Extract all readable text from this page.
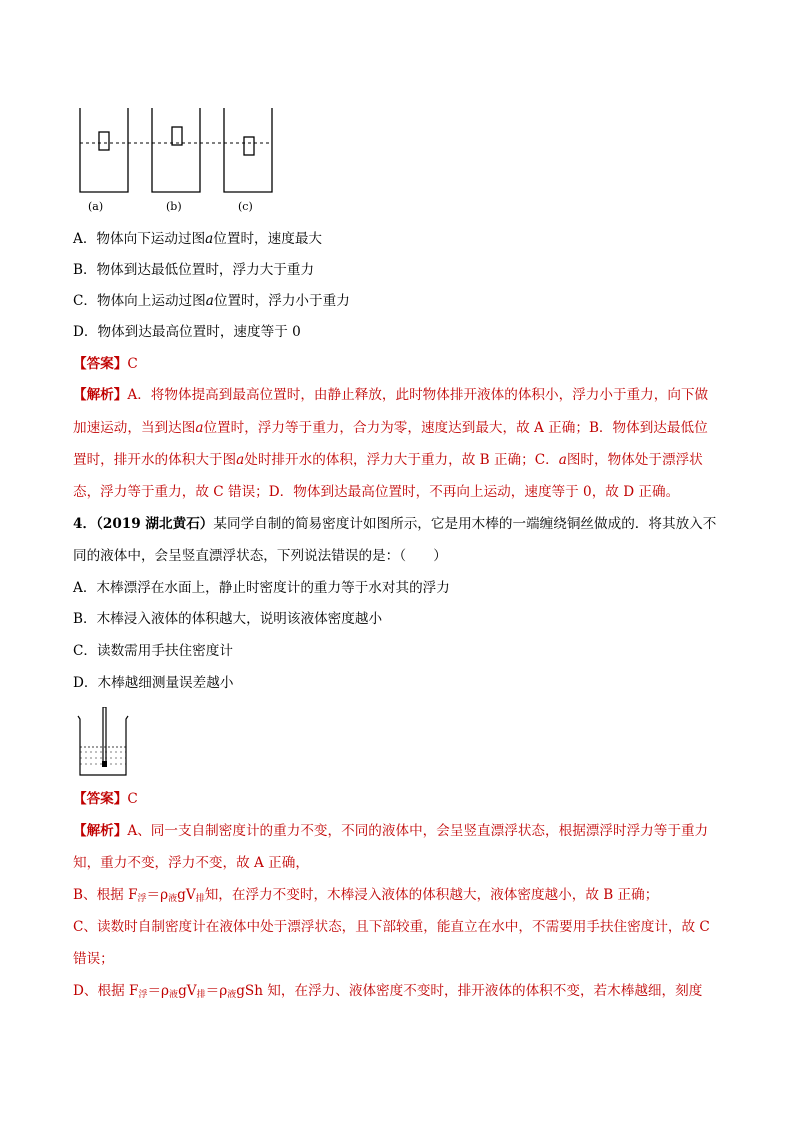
(a)	(b)	(c)
A．物体向下运动过图a位置时，速度最大
B．物体到达最低位置时，浮力大于重力
C．物体向上运动过图a位置时，浮力小于重力
D．物体到达最高位置时，速度等于 0
【答案】C
【解析】A．将物体提高到最高位置时，由静止释放，此时物体排开液体的体积小，浮力小于重力，向下做
加速运动，当到达图a位置时，浮力等于重力，合力为零，速度达到最大，故 A 正确；B．物体到达最低位
置时，排开水的体积大于图a处时排开水的体积，浮力大于重力，故 B 正确；C．a图时，物体处于漂浮状
态，浮力等于重力，故 C 错误；D．物体到达最高位置时，不再向上运动，速度等于 0，故 D 正确。
4．（2019 湖北黄石）某同学自制的简易密度计如图所示，它是用木棒的一端缠绕铜丝做成的．将其放入不
同的液体中，会呈竖直漂浮状态，下列说法错误的是：（　　）
A．木棒漂浮在水面上，静止时密度计的重力等于水对其的浮力
B．木棒浸入液体的体积越大，说明该液体密度越小
C．读数需用手扶住密度计
D．木棒越细测量误差越小
【答案】C
【解析】A、同一支自制密度计的重力不变，不同的液体中，会呈竖直漂浮状态，根据漂浮时浮力等于重力
知，重力不变，浮力不变，故 A 正确，
B、根据 $F_浮=\rho_液gV_排$知，在浮力不变时，木棒浸入液体的体积越大，液体密度越小，故 B 正确；
C、读数时自制密度计在液体中处于漂浮状态，且下部较重，能直立在水中，不需要用手扶住密度计，故 C
错误；
D、根据 $F_浮=\rho_液gV_排=\rho_液gSh$ 知，在浮力、液体密度不变时，排开液体的体积不变，若木棒越细，刻度
